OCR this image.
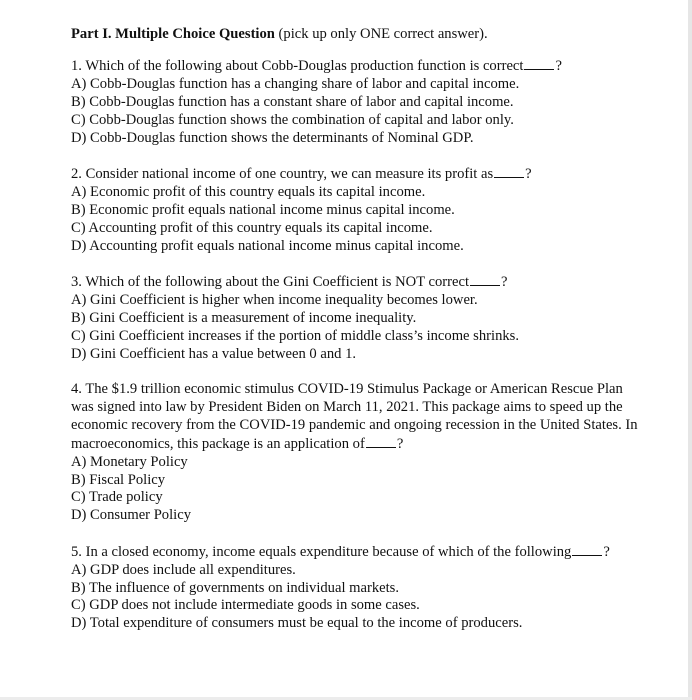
Part I. Multiple Choice Question (pick up only ONE correct answer).
1. Which of the following about Cobb-Douglas production function is correct ?
A) Cobb-Douglas function has a changing share of labor and capital income.
B) Cobb-Douglas function has a constant share of labor and capital income.
C) Cobb-Douglas function shows the combination of capital and labor only.
D) Cobb-Douglas function shows the determinants of Nominal GDP.
2. Consider national income of one country, we can measure its profit as ?
A) Economic profit of this country equals its capital income.
B) Economic profit equals national income minus capital income.
C) Accounting profit of this country equals its capital income.
D) Accounting profit equals national income minus capital income.
3. Which of the following about the Gini Coefficient is NOT correct ?
A) Gini Coefficient is higher when income inequality becomes lower.
B) Gini Coefficient is a measurement of income inequality.
C) Gini Coefficient increases if the portion of middle class’s income shrinks.
D) Gini Coefficient has a value between 0 and 1.
4. The $1.9 trillion economic stimulus COVID-19 Stimulus Package or American Rescue Plan
was signed into law by President Biden on March 11, 2021. This package aims to speed up the
economic recovery from the COVID-19 pandemic and ongoing recession in the United States. In
macroeconomics, this package is an application of ?
A) Monetary Policy
B) Fiscal Policy
C) Trade policy
D) Consumer Policy
5. In a closed economy, income equals expenditure because of which of the following ?
A) GDP does include all expenditures.
B) The influence of governments on individual markets.
C) GDP does not include intermediate goods in some cases.
D) Total expenditure of consumers must be equal to the income of producers.
